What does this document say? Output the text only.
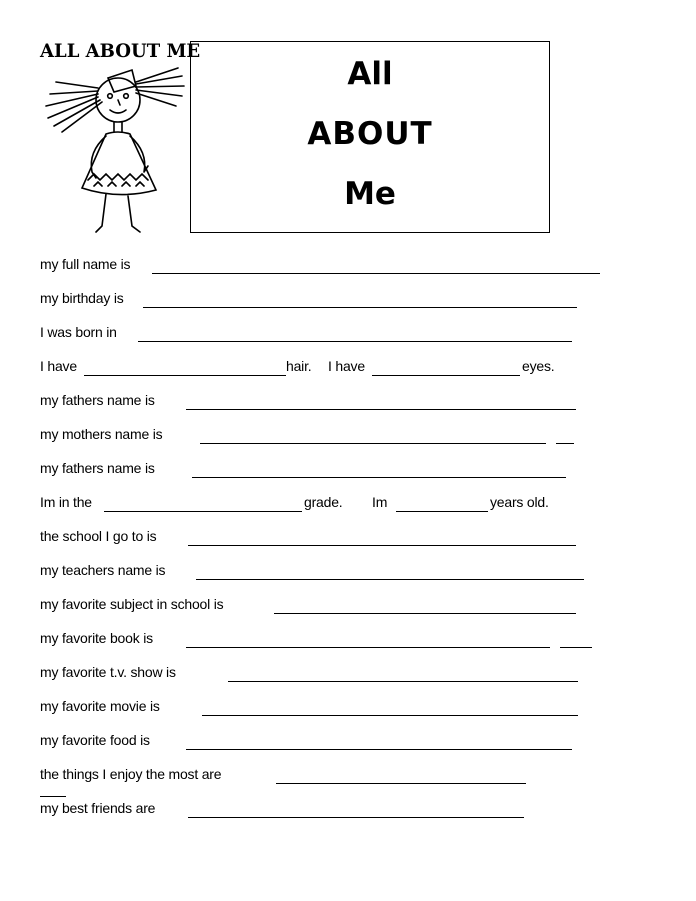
ALL ABOUT ME
All
ABOUT
Me
my full name is
my birthday is
I was born in
I have	hair. I have	eyes.
my fathers name is
my mothers name is
my fathers name is
Im in the	grade. Im	years old.
the school I go to is
my teachers name is
my favorite subject in school is
my favorite book is
my favorite t.v. show is
my favorite movie is
my favorite food is
the things I enjoy the most are
my best friends are
